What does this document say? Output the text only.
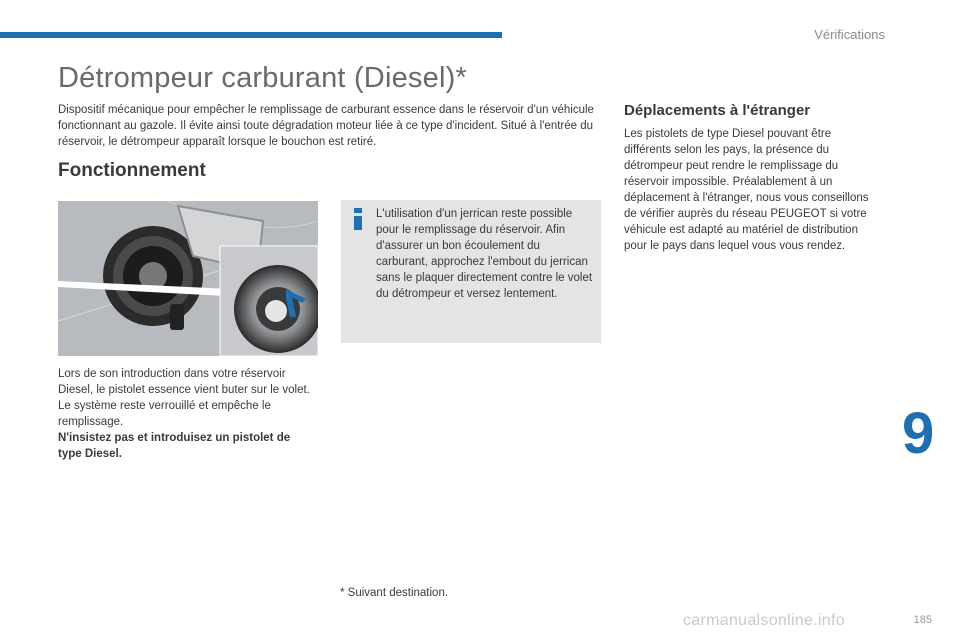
Vérifications
Détrompeur carburant (Diesel)*

Dispositif mécanique pour empêcher le remplissage de carburant essence dans le réservoir d'un véhicule fonctionnant au gazole. Il évite ainsi toute dégradation moteur liée à ce type d'incident. Situé à l'entrée du réservoir, le détrompeur apparaît lorsque le bouchon est retiré.

Fonctionnement

Lors de son introduction dans votre réservoir Diesel, le pistolet essence vient buter sur le volet. Le système reste verrouillé et empêche le remplissage.
N'insistez pas et introduisez un pistolet de type Diesel.

L'utilisation d'un jerrican reste possible pour le remplissage du réservoir. Afin d'assurer un bon écoulement du carburant, approchez l'embout du jerrican sans le plaquer directement contre le volet du détrompeur et versez lentement.

Déplacements à l'étranger

Les pistolets de type Diesel pouvant être différents selon les pays, la présence du détrompeur peut rendre le remplissage du réservoir impossible. Préalablement à un déplacement à l'étranger, nous vous conseillons de vérifier auprès du réseau PEUGEOT si votre véhicule est adapté au matériel de distribution pour le pays dans lequel vous vous rendez.

9
* Suivant destination.
carmanualsonline.info	185
